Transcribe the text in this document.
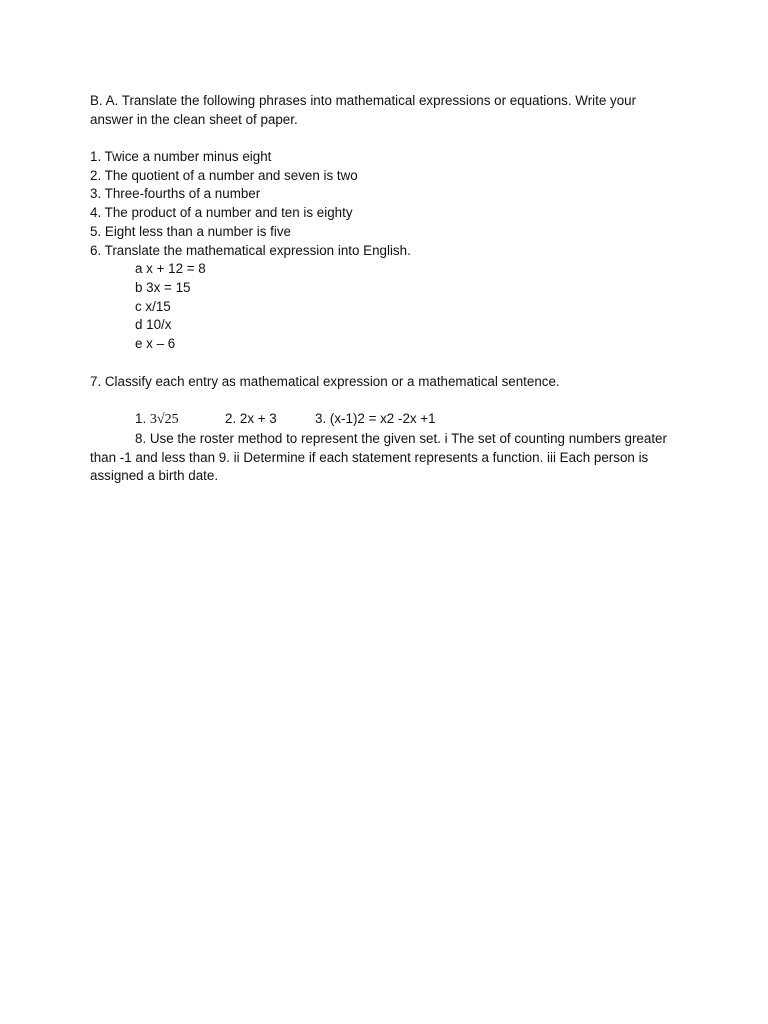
B. A. Translate the following phrases into mathematical expressions or equations. Write your answer in the clean sheet of paper.
1. Twice a number minus eight
2. The quotient of a number and seven is two
3. Three-fourths of a number
4. The product of a number and ten is eighty
5. Eight less than a number is five
6. Translate the mathematical expression into English.
a x + 12 = 8
b 3x = 15
c x/15
d 10/x
e x – 6
7. Classify each entry as mathematical expression or a mathematical sentence.
1. 3√25	2. 2x + 3	3. (x-1)2 = x2 -2x +1
8. Use the roster method to represent the given set. i The set of counting numbers greater than -1 and less than 9. ii Determine if each statement represents a function. iii Each person is assigned a birth date.
